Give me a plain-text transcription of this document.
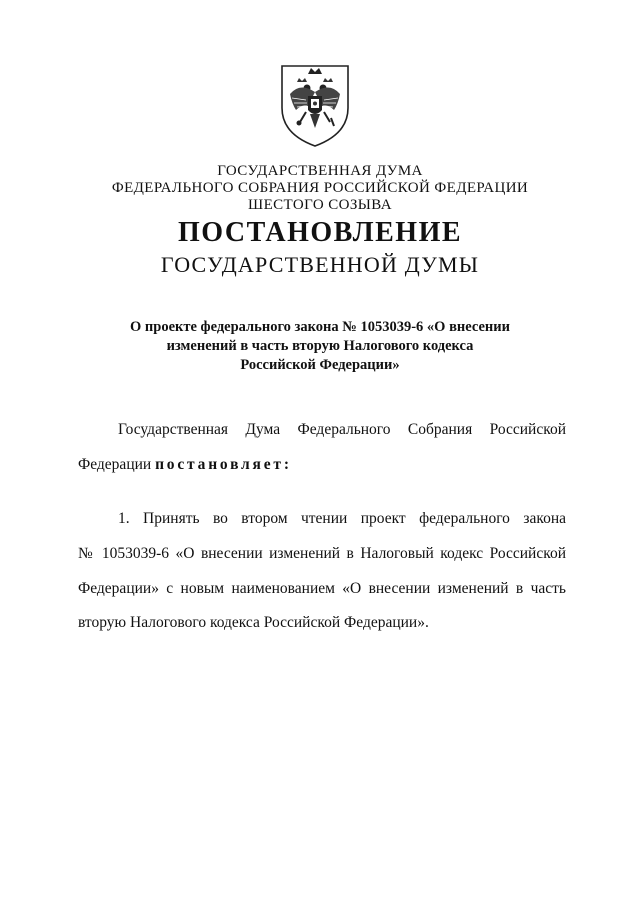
ГОСУДАРСТВЕННАЯ ДУМА
ФЕДЕРАЛЬНОГО СОБРАНИЯ РОССИЙСКОЙ ФЕДЕРАЦИИ
ШЕСТОГО СОЗЫВА
ПОСТАНОВЛЕНИЕ
ГОСУДАРСТВЕННОЙ ДУМЫ
О проекте федерального закона № 1053039-6 «О внесении
изменений в часть вторую Налогового кодекса
Российской Федерации»
Государственная Дума Федерального Собрания Российской
Федерации постановляет:
1. Принять во втором чтении проект федерального закона
№ 1053039-6 «О внесении изменений в Налоговый кодекс Российской
Федерации» с новым наименованием «О внесении изменений в часть
вторую Налогового кодекса Российской Федерации».
